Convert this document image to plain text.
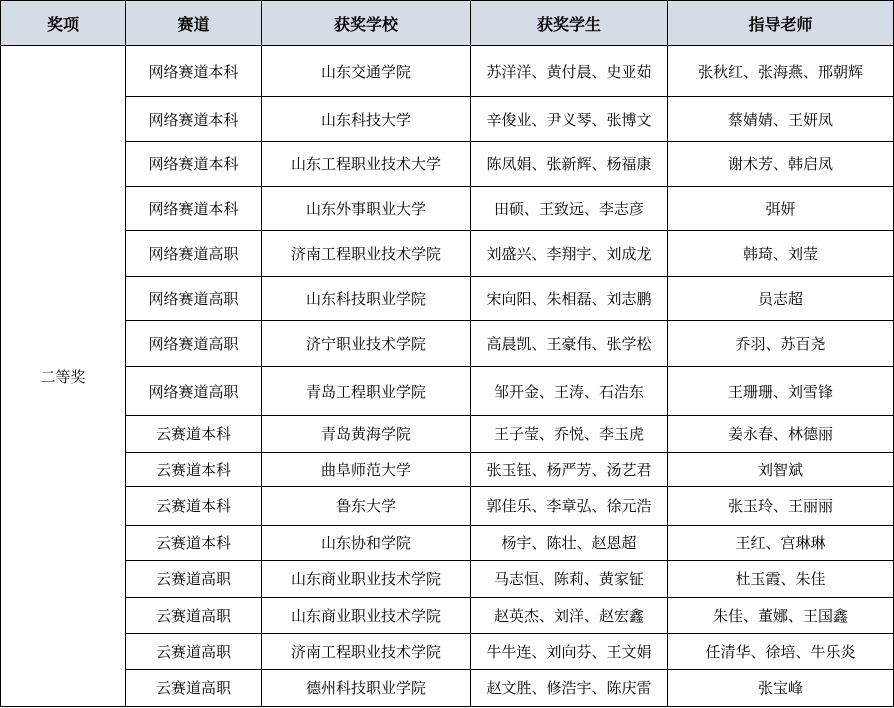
奖项	赛道	获奖学校	获奖学生	指导老师
二等奖	网络赛道本科	山东交通学院	苏洋洋、黄付晨、史亚茹	张秋红、张海燕、邢朝辉
	网络赛道本科	山东科技大学	辛俊业、尹义琴、张博文	蔡婧婧、王妍凤
	网络赛道本科	山东工程职业技术大学	陈凤娟、张新辉、杨福康	谢术芳、韩启凤
	网络赛道本科	山东外事职业大学	田硕、王致远、李志彦	弭妍
	网络赛道高职	济南工程职业技术学院	刘盛兴、李翔宇、刘成龙	韩琦、刘莹
	网络赛道高职	山东科技职业学院	宋向阳、朱相磊、刘志鹏	员志超
	网络赛道高职	济宁职业技术学院	高晨凯、王豪伟、张学松	乔羽、苏百尧
	网络赛道高职	青岛工程职业学院	邹开金、王涛、石浩东	王珊珊、刘雪锋
	云赛道本科	青岛黄海学院	王子莹、乔悦、李玉虎	姜永春、林德丽
	云赛道本科	曲阜师范大学	张玉钰、杨严芳、汤艺君	刘智斌
	云赛道本科	鲁东大学	郭佳乐、李章弘、徐元浩	张玉玲、王丽丽
	云赛道本科	山东协和学院	杨宇、陈壮、赵恩超	王红、宫琳琳
	云赛道高职	山东商业职业技术学院	马志恒、陈莉、黄家钲	杜玉霞、朱佳
	云赛道高职	山东商业职业技术学院	赵英杰、刘洋、赵宏鑫	朱佳、董娜、王国鑫
	云赛道高职	济南工程职业技术学院	牛牛连、刘向芬、王文娟	任清华、徐培、牛乐炎
	云赛道高职	德州科技职业学院	赵文胜、修浩宇、陈庆雷	张宝峰
